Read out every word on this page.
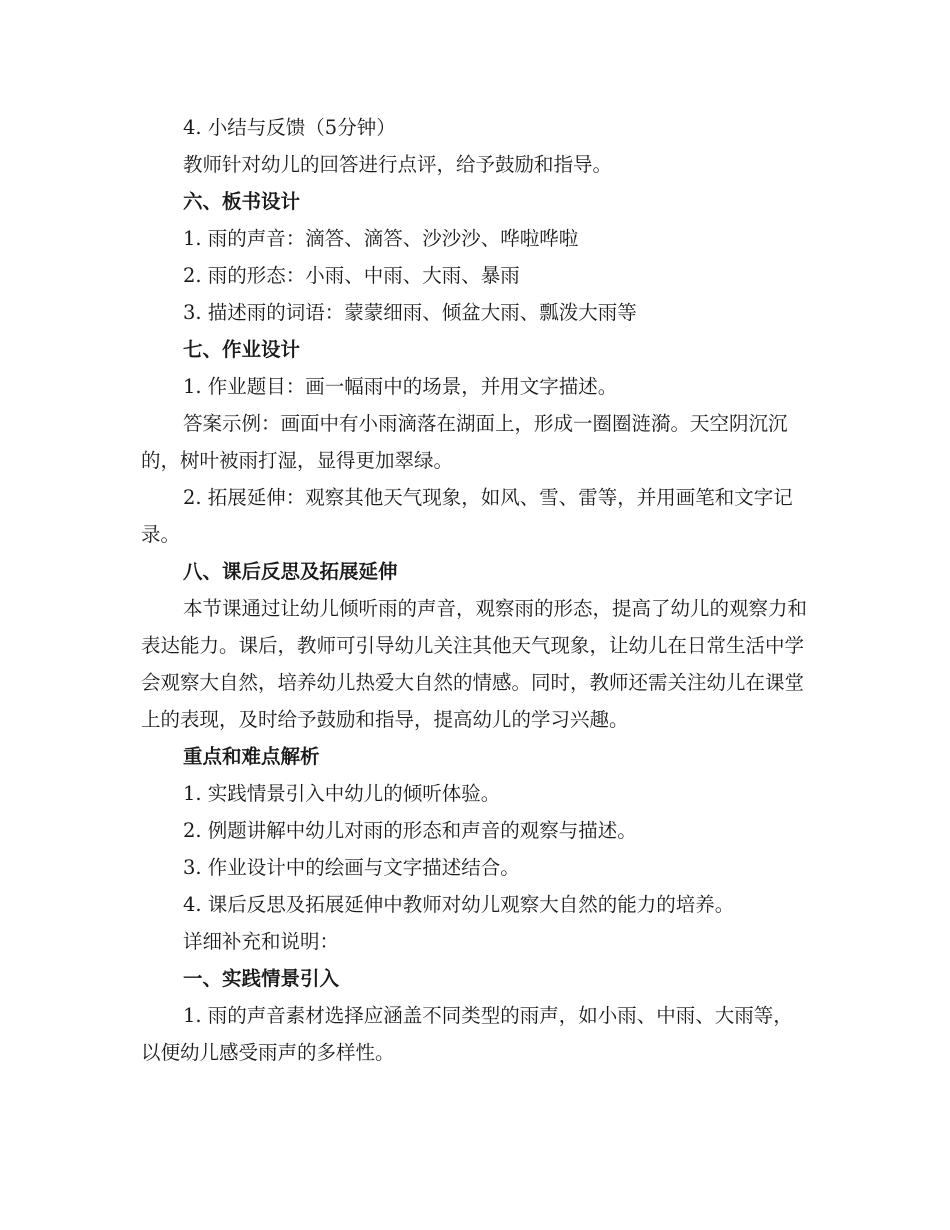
4. 小结与反馈（5分钟）

教师针对幼儿的回答进行点评，给予鼓励和指导。

六、板书设计

1. 雨的声音：滴答、滴答、沙沙沙、哗啦哗啦

2. 雨的形态：小雨、中雨、大雨、暴雨

3. 描述雨的词语：蒙蒙细雨、倾盆大雨、瓢泼大雨等

七、作业设计

1. 作业题目：画一幅雨中的场景，并用文字描述。

答案示例：画面中有小雨滴落在湖面上，形成一圈圈涟漪。天空阴沉沉的，树叶被雨打湿，显得更加翠绿。

2. 拓展延伸：观察其他天气现象，如风、雪、雷等，并用画笔和文字记录。

八、课后反思及拓展延伸

本节课通过让幼儿倾听雨的声音，观察雨的形态，提高了幼儿的观察力和表达能力。课后，教师可引导幼儿关注其他天气现象，让幼儿在日常生活中学会观察大自然，培养幼儿热爱大自然的情感。同时，教师还需关注幼儿在课堂上的表现，及时给予鼓励和指导，提高幼儿的学习兴趣。

重点和难点解析

1. 实践情景引入中幼儿的倾听体验。

2. 例题讲解中幼儿对雨的形态和声音的观察与描述。

3. 作业设计中的绘画与文字描述结合。

4. 课后反思及拓展延伸中教师对幼儿观察大自然的能力的培养。

详细补充和说明：

一、实践情景引入

1. 雨的声音素材选择应涵盖不同类型的雨声，如小雨、中雨、大雨等，以便幼儿感受雨声的多样性。
